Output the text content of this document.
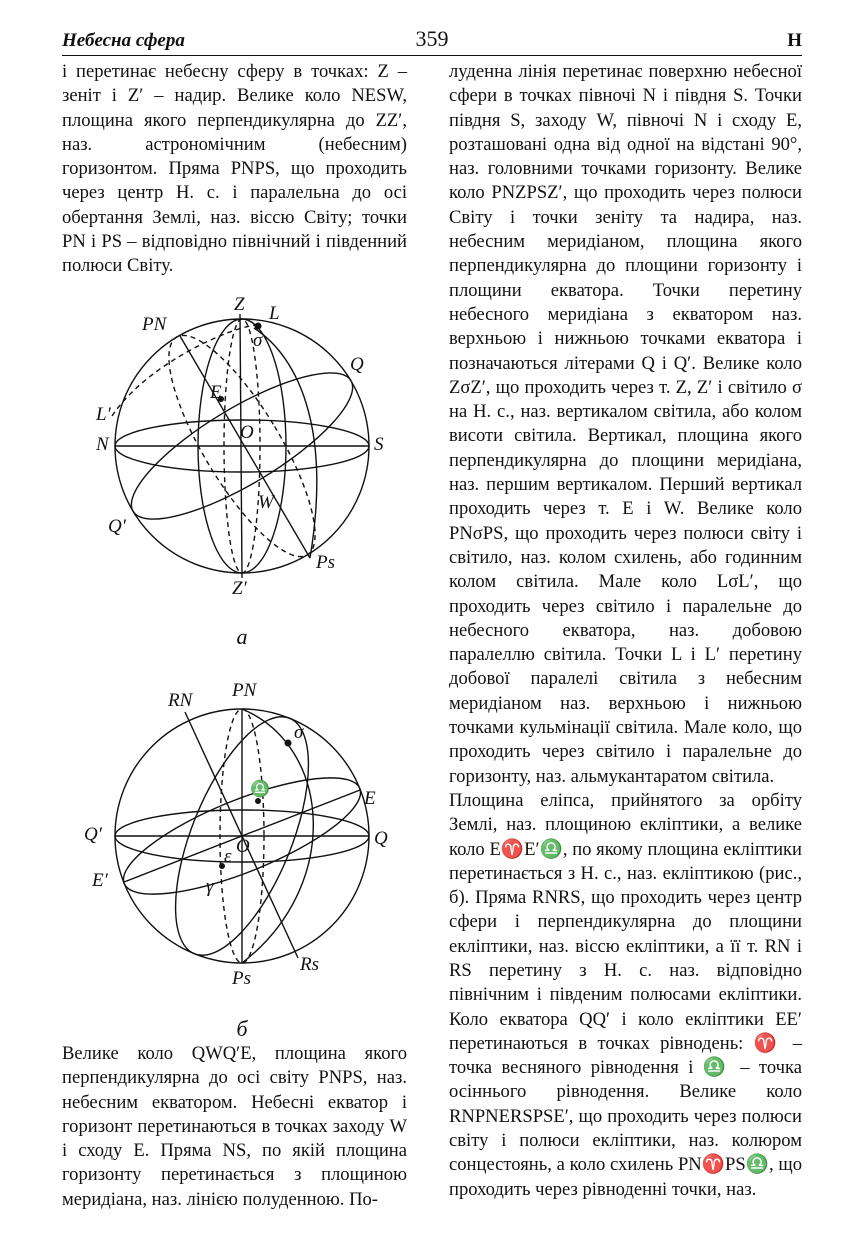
Небесна сфера	359	Н

і перетинає небесну сферу в точках: Z – зеніт і Z′ – надир. Велике коло NESW, площина якого перпендикулярна до ZZ′, наз. астрономічним (небесним) горизонтом. Пряма PNPS, що проходить через центр Н. с. і паралельна до осі обертання Землі, наз. віссю Світу; точки PN і PS – відповідно північний і південний полюси Світу.

Z L
PN
σ
Q
E
L′
N
O
S
W
Q′
Ps
Z′
а
RN PN
σ
♎	E
Q′
O	Q
ε
E′	γ
Rs
Ps
б

Велике коло QWQ′E, площина якого перпендикулярна до осі світу PNPS, наз. небесним екватором. Небесні екватор і горизонт перетинаються в точках заходу W і сходу E. Пряма NS, по якій площина горизонту перетинається з площиною меридіана, наз. лінією полуденною. По-

луденна лінія перетинає поверхню небесної сфери в точках півночі N і півдня S. Точки півдня S, заходу W, півночі N і сходу E, розташовані одна від одної на відстані 90°, наз. головними точками горизонту. Велике коло PNZPSZ′, що проходить через полюси Світу і точки зеніту та надира, наз. небесним меридіаном, площина якого перпендикулярна до площини горизонту і площини екватора. Точки перетину небесного меридіана з екватором наз. верхньою і нижньою точками екватора і позначаються літерами Q і Q′. Велике коло ZσZ′, що проходить через т. Z, Z′ і світило σ на Н. с., наз. вертикалом світила, або колом висоти світила. Вертикал, площина якого перпендикулярна до площини меридіана, наз. першим вертикалом. Перший вертикал проходить через т. E і W. Велике коло PNσPS, що проходить через полюси світу і світило, наз. колом схилень, або годинним колом світила. Мале коло LσL′, що проходить через світило і паралельне до небесного екватора, наз. добовою паралеллю світила. Точки L і L′ перетину добової паралелі світила з небесним меридіаном наз. верхньою і нижньою точками кульмінації світила. Мале коло, що проходить через світило і паралельне до горизонту, наз. альмукантаратом світила.

Площина еліпса, прийнятого за орбіту Землі, наз. площиною екліптики, а велике коло E♈E′♎, по якому площина екліптики перетинається з Н. с., наз. екліптикою (рис., б). Пряма RNRS, що проходить через центр сфери і перпендикулярна до площини екліптики, наз. віссю екліптики, а її т. RN і RS перетину з Н. с. наз. відповідно північним і південим полюсами екліптики. Коло екватора QQ′ і коло екліптики EE′ перетинаються в точках рівнодень: ♈ – точка весняного рівнодення і ♎ – точка осіннього рівнодення. Велике коло RNPNERSPSE′, що проходить через полюси світу і полюси екліптики, наз. колюром сонцестоянь, а коло схилень PN♈PS♎, що проходить через рівноденні точки, наз.
